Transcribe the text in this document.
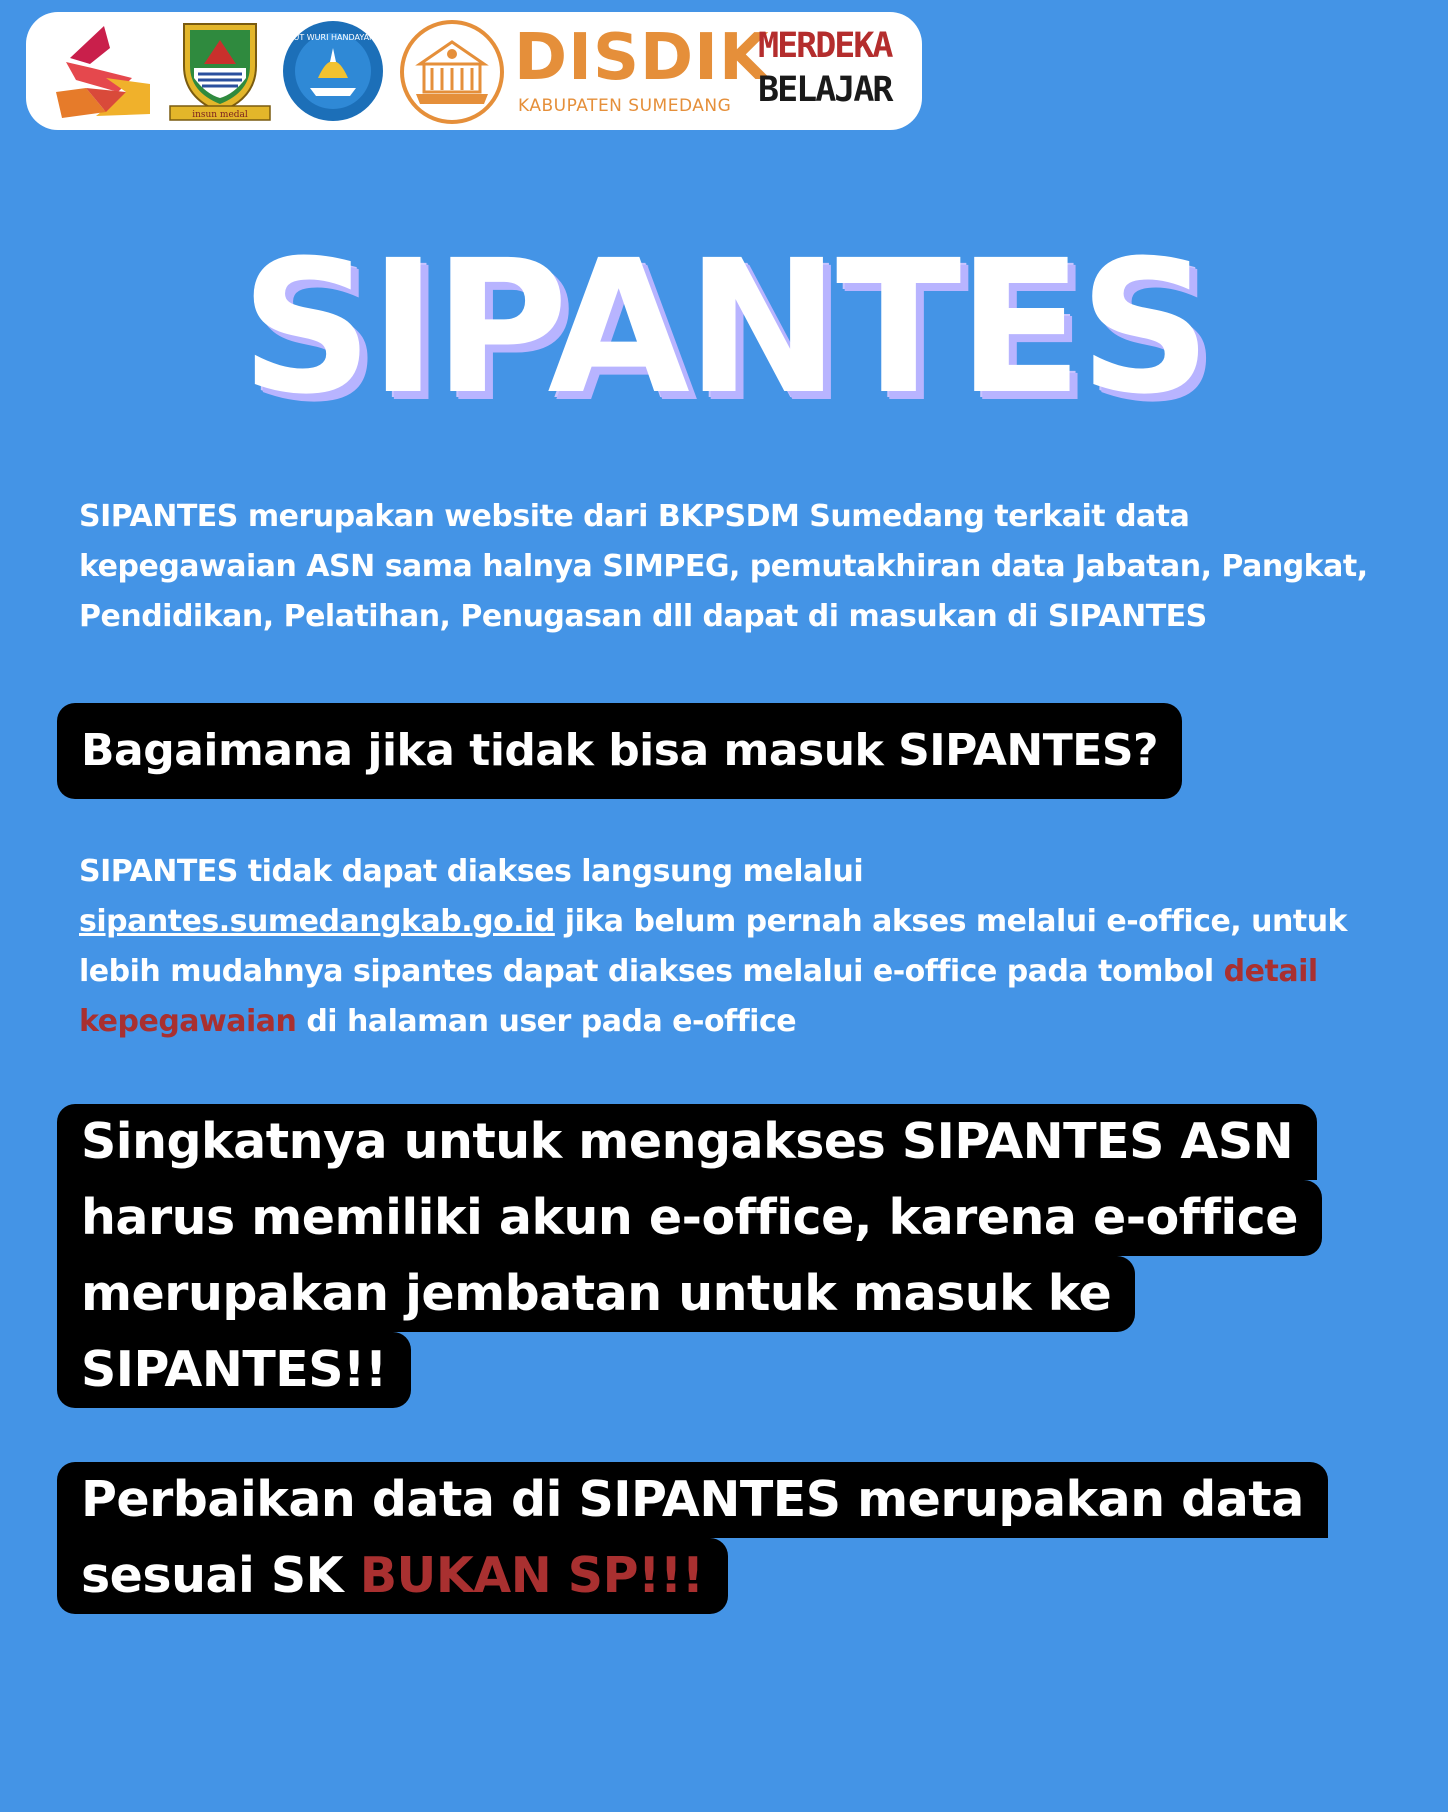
insun medal
TUT WURI HANDAYANI DISDIK
KABUPATEN SUMEDANG
MERDEKA
BELAJAR
SIPANTES

SIPANTES merupakan website dari BKPSDM Sumedang terkait data kepegawaian ASN sama halnya SIMPEG, pemutakhiran data Jabatan, Pangkat, Pendidikan, Pelatihan, Penugasan dll dapat di masukan di SIPANTES

Bagaimana jika tidak bisa masuk SIPANTES?

SIPANTES tidak dapat diakses langsung melalui
sipantes.sumedangkab.go.id jika belum pernah akses melalui e-office, untuk lebih mudahnya sipantes dapat diakses melalui e-office pada tombol detail kepegawaian di halaman user pada e-office

Singkatnya untuk mengakses SIPANTES ASN
harus memiliki akun e-office, karena e-office
merupakan jembatan untuk masuk ke
SIPANTES!!
Perbaikan data di SIPANTES merupakan data
sesuai SK BUKAN SP!!!
